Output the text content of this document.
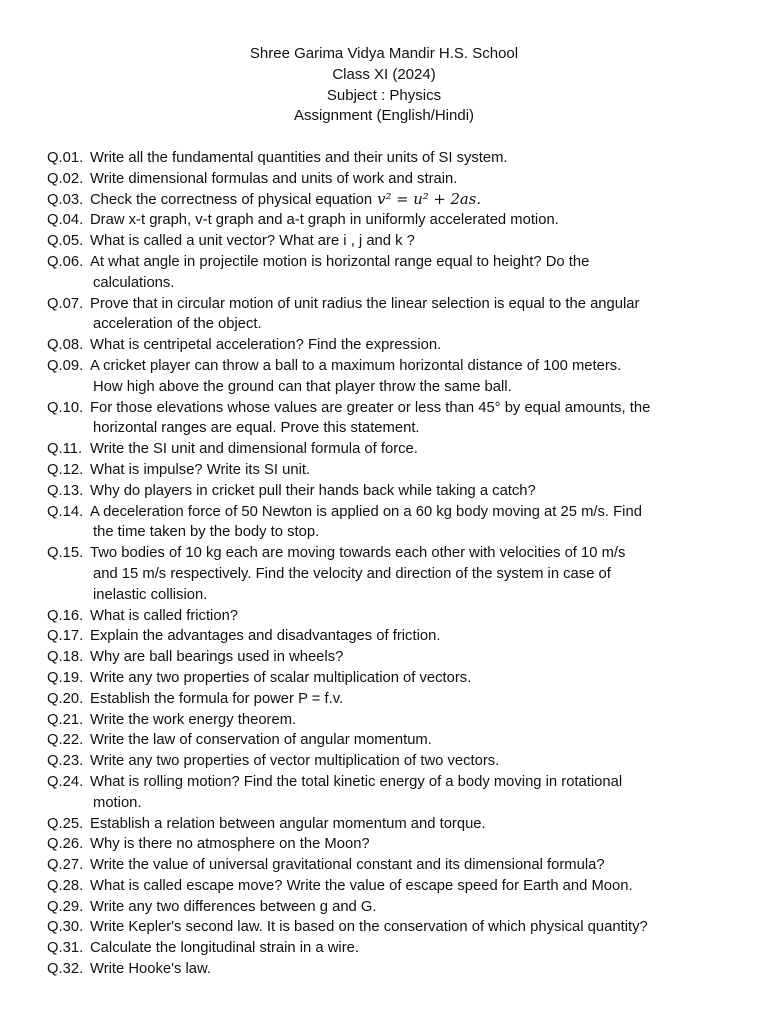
Shree Garima Vidya Mandir H.S. School
Class XI (2024)
Subject : Physics
Assignment (English/Hindi)
Q.01. Write all the fundamental quantities and their units of SI system.
Q.02. Write dimensional formulas and units of work and strain.
Q.03. Check the correctness of physical equation v² = u² + 2as.
Q.04. Draw x-t graph, v-t graph and a-t graph in uniformly accelerated motion.
Q.05. What is called a unit vector? What are i , j and k ?
Q.06. At what angle in projectile motion is horizontal range equal to height? Do the
calculations.
Q.07. Prove that in circular motion of unit radius the linear selection is equal to the angular
acceleration of the object.
Q.08. What is centripetal acceleration? Find the expression.
Q.09. A cricket player can throw a ball to a maximum horizontal distance of 100 meters.
How high above the ground can that player throw the same ball.
Q.10. For those elevations whose values are greater or less than 45° by equal amounts, the
horizontal ranges are equal. Prove this statement.
Q.11. Write the SI unit and dimensional formula of force.
Q.12. What is impulse? Write its SI unit.
Q.13. Why do players in cricket pull their hands back while taking a catch?
Q.14. A deceleration force of 50 Newton is applied on a 60 kg body moving at 25 m/s. Find
the time taken by the body to stop.
Q.15. Two bodies of 10 kg each are moving towards each other with velocities of 10 m/s
and 15 m/s respectively. Find the velocity and direction of the system in case of
inelastic collision.
Q.16. What is called friction?
Q.17. Explain the advantages and disadvantages of friction.
Q.18. Why are ball bearings used in wheels?
Q.19. Write any two properties of scalar multiplication of vectors.
Q.20. Establish the formula for power P = f.v.
Q.21. Write the work energy theorem.
Q.22. Write the law of conservation of angular momentum.
Q.23. Write any two properties of vector multiplication of two vectors.
Q.24. What is rolling motion? Find the total kinetic energy of a body moving in rotational
motion.
Q.25. Establish a relation between angular momentum and torque.
Q.26. Why is there no atmosphere on the Moon?
Q.27. Write the value of universal gravitational constant and its dimensional formula?
Q.28. What is called escape move? Write the value of escape speed for Earth and Moon.
Q.29. Write any two differences between g and G.
Q.30. Write Kepler's second law. It is based on the conservation of which physical quantity?
Q.31. Calculate the longitudinal strain in a wire.
Q.32. Write Hooke's law.
